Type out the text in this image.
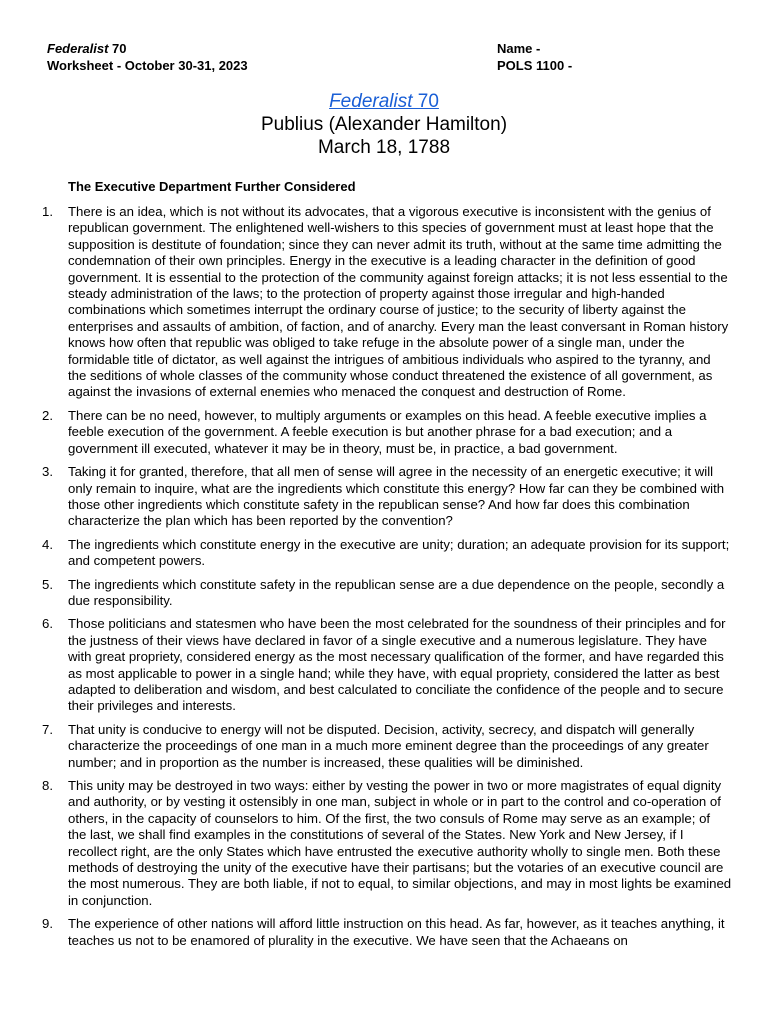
Federalist 70
Worksheet - October 30-31, 2023
Name -
POLS 1100 -
Federalist 70
Publius (Alexander Hamilton)
March 18, 1788
The Executive Department Further Considered
1. There is an idea, which is not without its advocates, that a vigorous executive is inconsistent with the genius of republican government. The enlightened well-wishers to this species of government must at least hope that the supposition is destitute of foundation; since they can never admit its truth, without at the same time admitting the condemnation of their own principles. Energy in the executive is a leading character in the definition of good government. It is essential to the protection of the community against foreign attacks; it is not less essential to the steady administration of the laws; to the protection of property against those irregular and high-handed combinations which sometimes interrupt the ordinary course of justice; to the security of liberty against the enterprises and assaults of ambition, of faction, and of anarchy. Every man the least conversant in Roman history knows how often that republic was obliged to take refuge in the absolute power of a single man, under the formidable title of dictator, as well against the intrigues of ambitious individuals who aspired to the tyranny, and the seditions of whole classes of the community whose conduct threatened the existence of all government, as against the invasions of external enemies who menaced the conquest and destruction of Rome.
2. There can be no need, however, to multiply arguments or examples on this head. A feeble executive implies a feeble execution of the government. A feeble execution is but another phrase for a bad execution; and a government ill executed, whatever it may be in theory, must be, in practice, a bad government.
3. Taking it for granted, therefore, that all men of sense will agree in the necessity of an energetic executive; it will only remain to inquire, what are the ingredients which constitute this energy? How far can they be combined with those other ingredients which constitute safety in the republican sense? And how far does this combination characterize the plan which has been reported by the convention?
4. The ingredients which constitute energy in the executive are unity; duration; an adequate provision for its support; and competent powers.
5. The ingredients which constitute safety in the republican sense are a due dependence on the people, secondly a due responsibility.
6. Those politicians and statesmen who have been the most celebrated for the soundness of their principles and for the justness of their views have declared in favor of a single executive and a numerous legislature. They have with great propriety, considered energy as the most necessary qualification of the former, and have regarded this as most applicable to power in a single hand; while they have, with equal propriety, considered the latter as best adapted to deliberation and wisdom, and best calculated to conciliate the confidence of the people and to secure their privileges and interests.
7. That unity is conducive to energy will not be disputed. Decision, activity, secrecy, and dispatch will generally characterize the proceedings of one man in a much more eminent degree than the proceedings of any greater number; and in proportion as the number is increased, these qualities will be diminished.
8. This unity may be destroyed in two ways: either by vesting the power in two or more magistrates of equal dignity and authority, or by vesting it ostensibly in one man, subject in whole or in part to the control and co-operation of others, in the capacity of counselors to him. Of the first, the two consuls of Rome may serve as an example; of the last, we shall find examples in the constitutions of several of the States. New York and New Jersey, if I recollect right, are the only States which have entrusted the executive authority wholly to single men. Both these methods of destroying the unity of the executive have their partisans; but the votaries of an executive council are the most numerous. They are both liable, if not to equal, to similar objections, and may in most lights be examined in conjunction.
9. The experience of other nations will afford little instruction on this head. As far, however, as it teaches anything, it teaches us not to be enamored of plurality in the executive. We have seen that the Achaeans on
